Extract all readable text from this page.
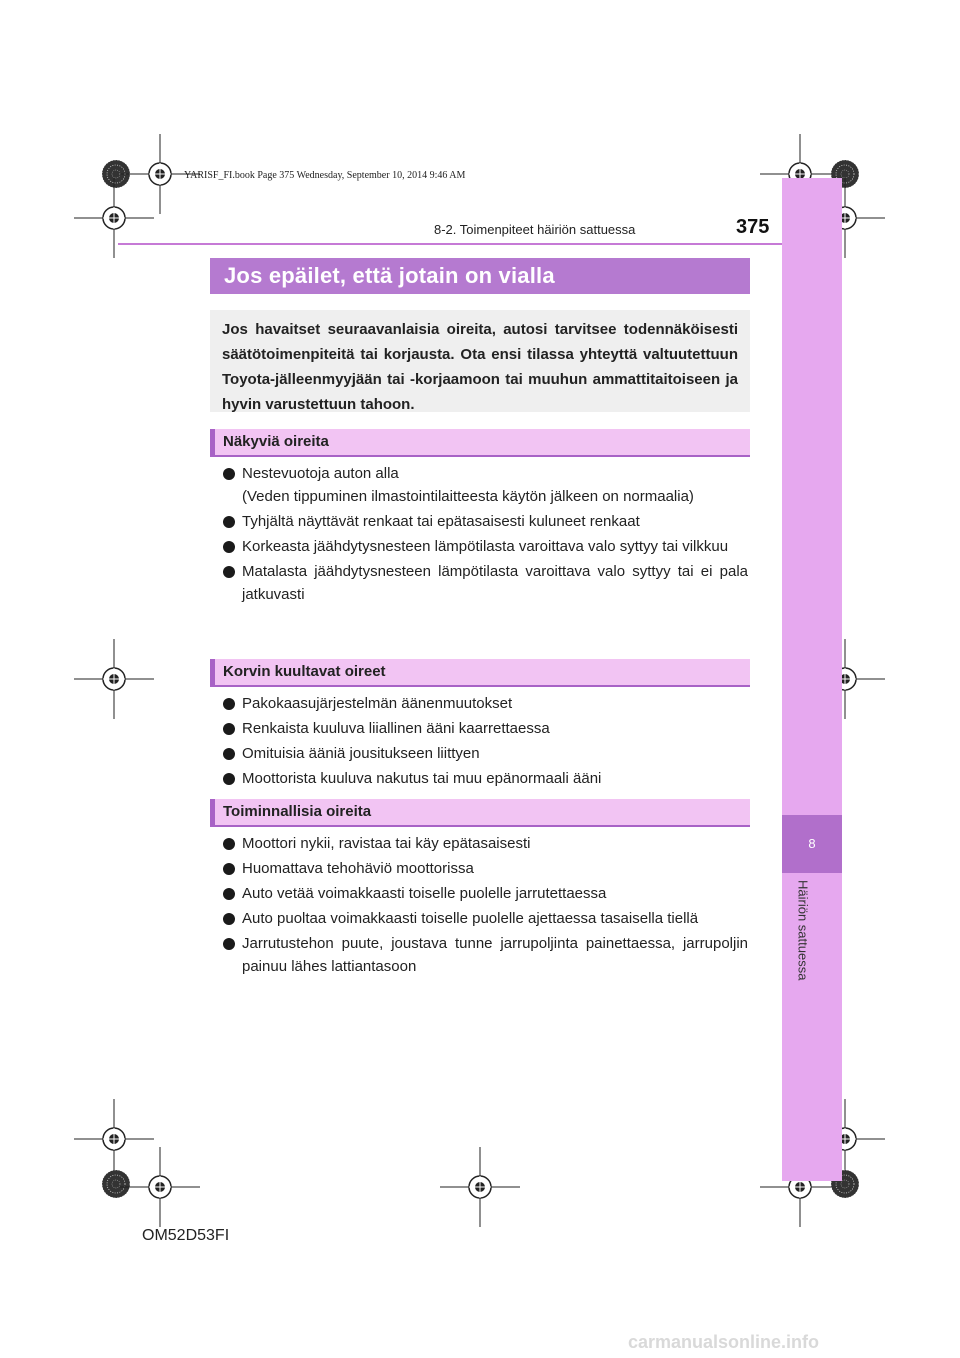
8
Häiriön sattuessa
YARISF_FI.book Page 375 Wednesday, September 10, 2014 9:46 AM
8-2. Toimenpiteet häiriön sattuessa	375
Jos epäilet, että jotain on vialla
Jos havaitset seuraavanlaisia oireita, autosi tarvitsee todennäköisesti säätötoimenpiteitä tai korjausta. Ota ensi tilassa yhteyttä valtuutettuun Toyota-jälleenmyyjään tai -korjaamoon tai muuhun ammattitaitoiseen ja hyvin varustettuun tahoon.
Näkyviä oireita
Nestevuotoja auton alla
(Veden tippuminen ilmastointilaitteesta käytön jälkeen on normaalia)
Tyhjältä näyttävät renkaat tai epätasaisesti kuluneet renkaat
Korkeasta jäähdytysnesteen lämpötilasta varoittava valo syttyy tai vilkkuu
Matalasta jäähdytysnesteen lämpötilasta varoittava valo syttyy tai ei pala jatkuvasti
Korvin kuultavat oireet
Pakokaasujärjestelmän äänenmuutokset
Renkaista kuuluva liiallinen ääni kaarrettaessa
Omituisia ääniä jousitukseen liittyen
Moottorista kuuluva nakutus tai muu epänormaali ääni
Toiminnallisia oireita
Moottori nykii, ravistaa tai käy epätasaisesti
Huomattava tehohäviö moottorissa
Auto vetää voimakkaasti toiselle puolelle jarrutettaessa
Auto puoltaa voimakkaasti toiselle puolelle ajettaessa tasaisella tiellä
Jarrutustehon puute, joustava tunne jarrupoljinta painettaessa, jarrupoljin painuu lähes lattiantasoon
OM52D53FI
carmanualsonline.info
